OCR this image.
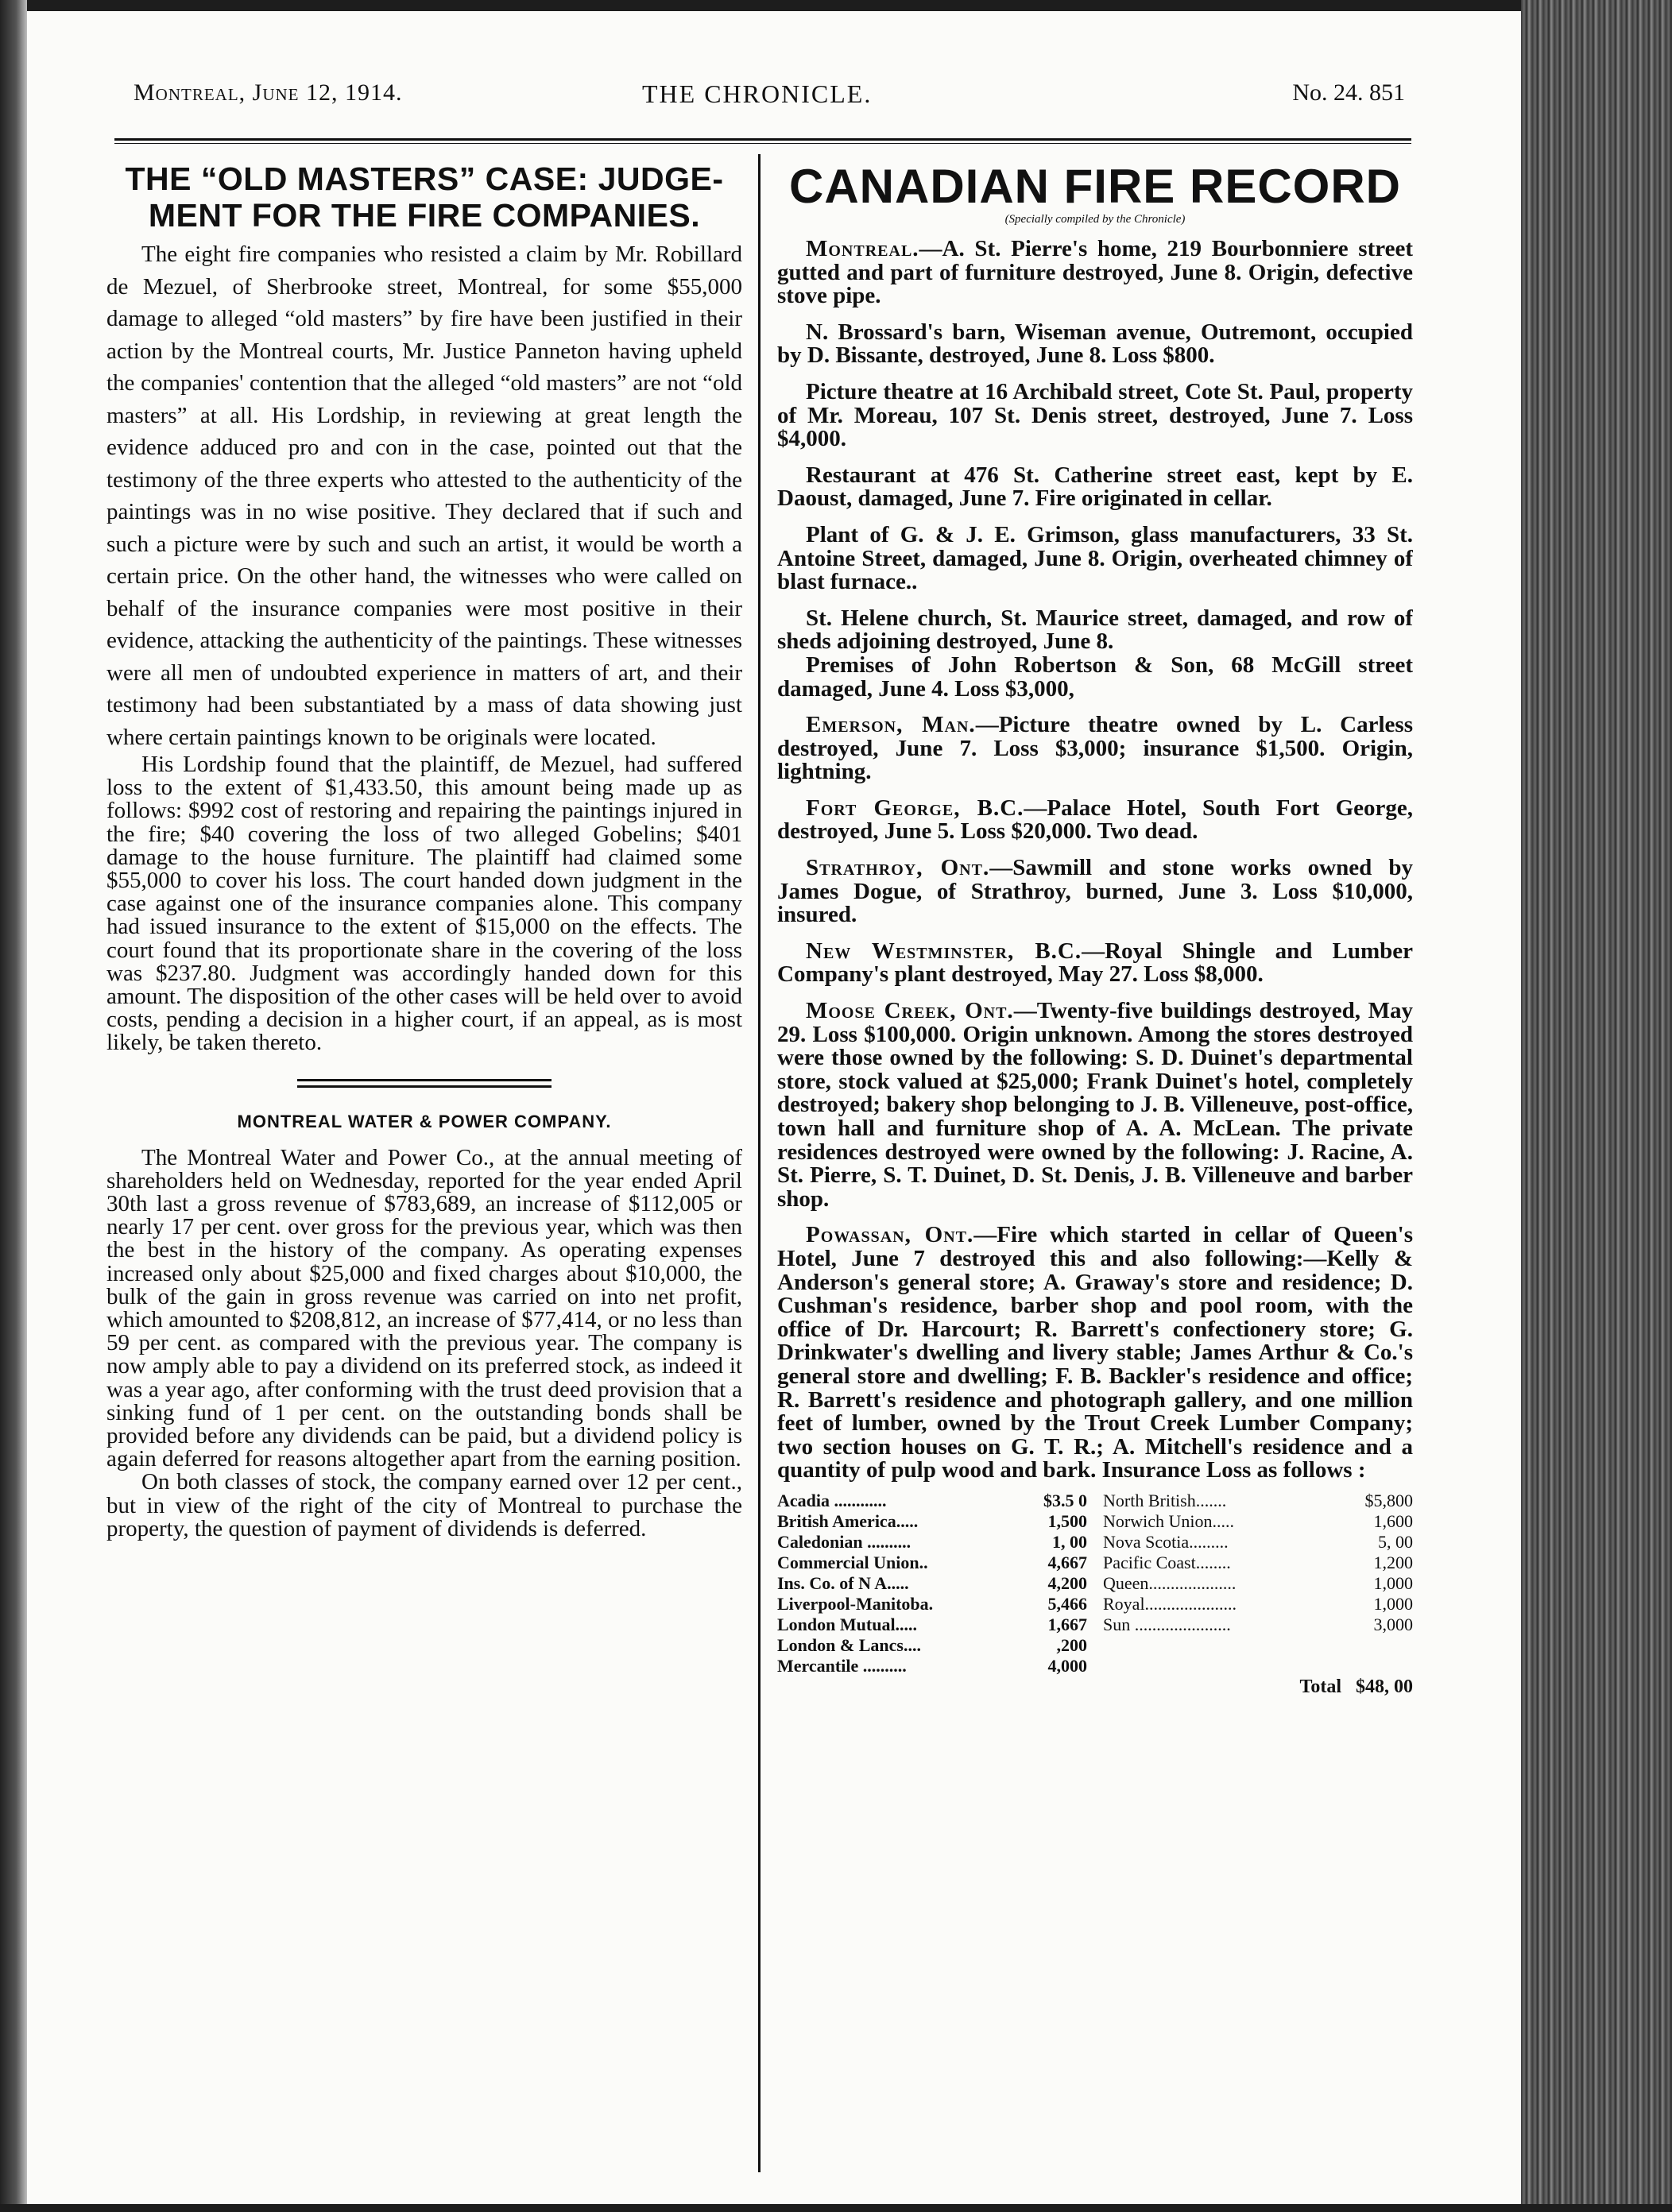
Montreal, June 12, 1914.	THE CHRONICLE.	No. 24. 851
THE “OLD MASTERS” CASE: JUDGE-
MENT FOR THE FIRE COMPANIES.

The eight fire companies who resisted a claim by Mr. Robillard de Mezuel, of Sherbrooke street, Montreal, for some $55,000 damage to alleged “old masters” by fire have been justified in their action by the Montreal courts, Mr. Justice Panneton having upheld the companies' contention that the alleged “old masters” are not “old masters” at all. His Lordship, in reviewing at great length the evidence adduced pro and con in the case, pointed out that the testimony of the three experts who attested to the authenticity of the paintings was in no wise positive. They declared that if such and such a picture were by such and such an artist, it would be worth a certain price. On the other hand, the witnesses who were called on behalf of the insurance companies were most positive in their evidence, attacking the authenticity of the paintings. These witnesses were all men of undoubted experience in matters of art, and their testimony had been substantiated by a mass of data showing just where certain paintings known to be originals were located.

His Lordship found that the plaintiff, de Mezuel, had suffered loss to the extent of $1,433.50, this amount being made up as follows: $992 cost of restoring and repairing the paintings injured in the fire; $40 covering the loss of two alleged Gobelins; $401 damage to the house furniture. The plaintiff had claimed some $55,000 to cover his loss. The court handed down judgment in the case against one of the insurance companies alone. This company had issued insurance to the extent of $15,000 on the effects. The court found that its proportionate share in the covering of the loss was $237.80. Judgment was accordingly handed down for this amount. The disposition of the other cases will be held over to avoid costs, pending a decision in a higher court, if an appeal, as is most likely, be taken thereto.

MONTREAL WATER & POWER COMPANY.

The Montreal Water and Power Co., at the annual meeting of shareholders held on Wednesday, reported for the year ended April 30th last a gross revenue of $783,689, an increase of $112,005 or nearly 17 per cent. over gross for the previous year, which was then the best in the history of the company. As operating expenses increased only about $25,000 and fixed charges about $10,000, the bulk of the gain in gross revenue was carried on into net profit, which amounted to $208,812, an increase of $77,414, or no less than 59 per cent. as compared with the previous year. The company is now amply able to pay a dividend on its preferred stock, as indeed it was a year ago, after conforming with the trust deed provision that a sinking fund of 1 per cent. on the outstanding bonds shall be provided before any dividends can be paid, but a dividend policy is again deferred for reasons altogether apart from the earning position.

On both classes of stock, the company earned over 12 per cent., but in view of the right of the city of Montreal to purchase the property, the question of payment of dividends is deferred.

CANADIAN FIRE RECORD
(Specially compiled by the Chronicle)

Montreal.—A. St. Pierre's home, 219 Bourbonniere street gutted and part of furniture destroyed, June 8. Origin, defective stove pipe.

N. Brossard's barn, Wiseman avenue, Outremont, occupied by D. Bissante, destroyed, June 8. Loss $800.

Picture theatre at 16 Archibald street, Cote St. Paul, property of Mr. Moreau, 107 St. Denis street, destroyed, June 7. Loss $4,000.

Restaurant at 476 St. Catherine street east, kept by E. Daoust, damaged, June 7. Fire originated in cellar.

Plant of G. & J. E. Grimson, glass manufacturers, 33 St. Antoine Street, damaged, June 8. Origin, overheated chimney of blast furnace..

St. Helene church, St. Maurice street, damaged, and row of sheds adjoining destroyed, June 8.

Premises of John Robertson & Son, 68 McGill street damaged, June 4. Loss $3,000,

Emerson, Man.—Picture theatre owned by L. Carless destroyed, June 7. Loss $3,000; insurance $1,500. Origin, lightning.

Fort George, B.C.—Palace Hotel, South Fort George, destroyed, June 5. Loss $20,000. Two dead.

Strathroy, Ont.—Sawmill and stone works owned by James Dogue, of Strathroy, burned, June 3. Loss $10,000, insured.

New Westminster, B.C.—Royal Shingle and Lumber Company's plant destroyed, May 27. Loss $8,000.

Moose Creek, Ont.—Twenty-five buildings destroyed, May 29. Loss $100,000. Origin unknown. Among the stores destroyed were those owned by the following: S. D. Duinet's departmental store, stock valued at $25,000; Frank Duinet's hotel, completely destroyed; bakery shop belonging to J. B. Villeneuve, post-office, town hall and furniture shop of A. A. McLean. The private residences destroyed were owned by the following: J. Racine, A. St. Pierre, S. T. Duinet, D. St. Denis, J. B. Villeneuve and barber shop.

Powassan, Ont.—Fire which started in cellar of Queen's Hotel, June 7 destroyed this and also following:—Kelly & Anderson's general store; A. Graway's store and residence; D. Cushman's residence, barber shop and pool room, with the office of Dr. Harcourt; R. Barrett's confectionery store; G. Drinkwater's dwelling and livery stable; James Arthur & Co.'s general store and dwelling; F. B. Backler's residence and office; R. Barrett's residence and photograph gallery, and one million feet of lumber, owned by the Trout Creek Lumber Company; two section houses on G. T. R.; A. Mitchell's residence and a quantity of pulp wood and bark. Insurance Loss as follows :

Acadia ............	$3.5 0
British America.....	1,500
Caledonian ..........	1, 00
Commercial Union..	4,667
Ins. Co. of N A.....	4,200
Liverpool-Manitoba.	5,466
London Mutual.....	1,667
London & Lancs....	,200
Mercantile ..........	4,000
North British.......	$5,800
Norwich Union.....	1,600
Nova Scotia.........	5, 00
Pacific Coast........	1,200
Queen....................	1,000
Royal.....................	1,000
Sun ......................	3,000
Total $48, 00
